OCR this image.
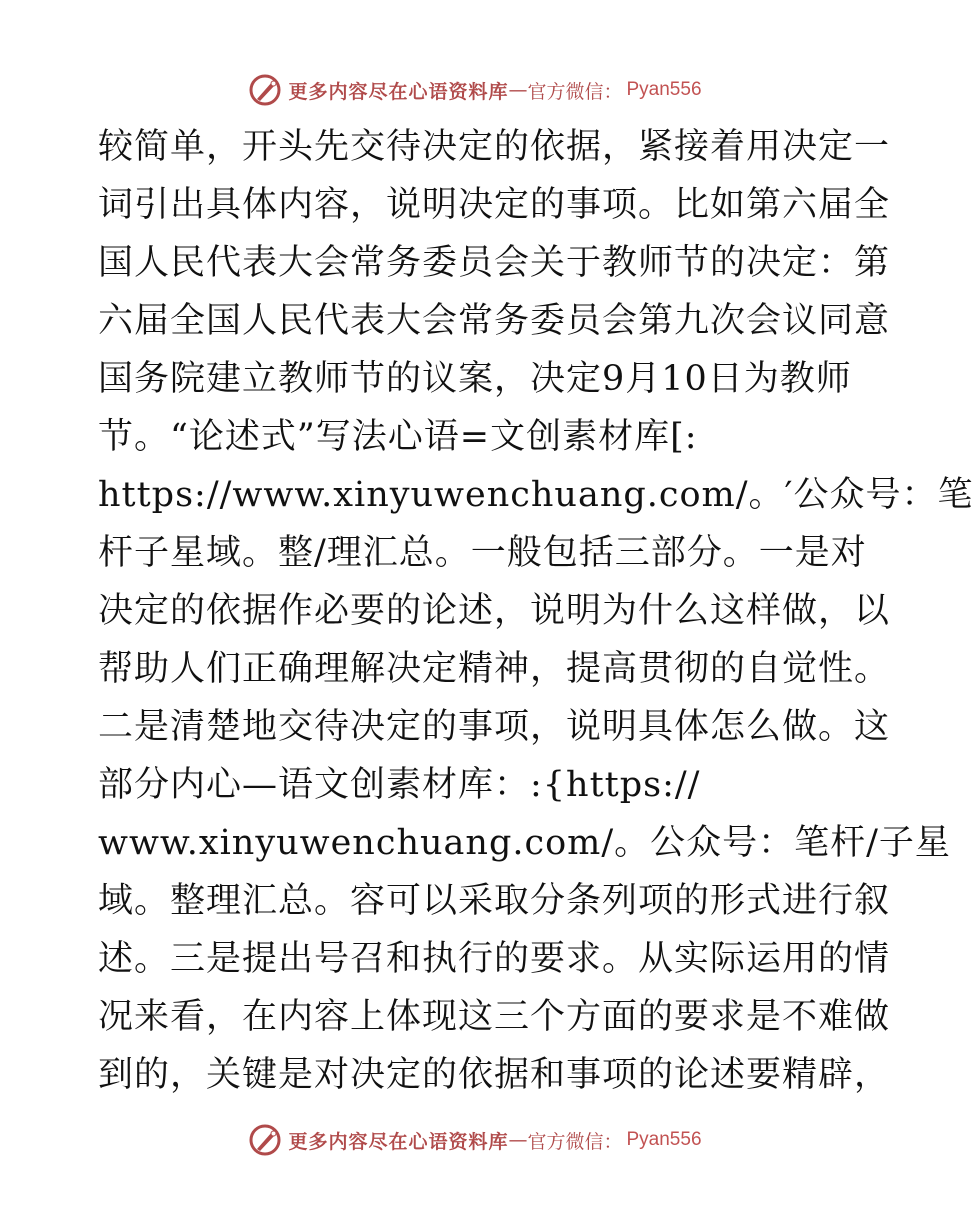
更多内容尽在心语资料库 — 官方微信： Pyan556
较简单，开头先交待决定的依据，紧接着用决定一
词引出具体内容，说明决定的事项。比如第六届全
国人民代表大会常务委员会关于教师节的决定：第
六届全国人民代表大会常务委员会第九次会议同意
国务院建立教师节的议案，决定9月10日为教师
节。“论述式”写法心语=文创素材库[:
https://www.xinyuwenchuang.com/。′公众号：笔
杆子星域。整/理汇总。一般包括三部分。一是对
决定的依据作必要的论述，说明为什么这样做，以
帮助人们正确理解决定精神，提高贯彻的自觉性。
二是清楚地交待决定的事项，说明具体怎么做。这
部分内心—语文创素材库：:{https://
www.xinyuwenchuang.com/。公众号：笔杆/子星
域。整理汇总。容可以采取分条列项的形式进行叙
述。三是提出号召和执行的要求。从实际运用的情
况来看，在内容上体现这三个方面的要求是不难做
到的，关键是对决定的依据和事项的论述要精辟，
更多内容尽在心语资料库 — 官方微信： Pyan556
